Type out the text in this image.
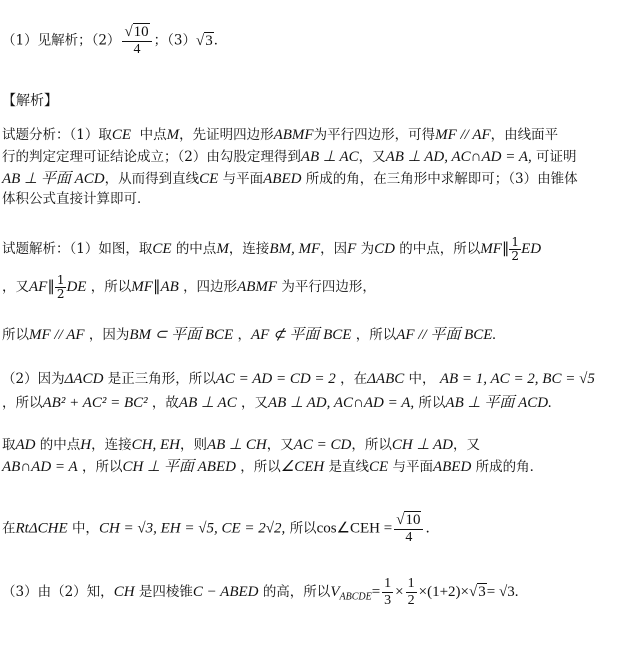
（1）见解析；$(2) \frac{√10}{4}$ ；（3）√3．
【解析】
试题分析：（1）取CE 中点M，先证明四边形ABMF为平行四边形，可得MF // AF，由线面平
行的判定定理可证结论成立；（2）由勾股定理得到AB ⊥ AC，又AB ⊥ AD, AC∩AD = A, 可证明
AB ⊥ 平面 ACD，从而得到直线CE 与平面ABED 所成的角，在三角形中求解即可；（3）由锥体
体积公式直接计算即可．
试题解析：（1）如图，取CE 的中点M，连接BM, MF，因F 为CD 的中点，所以MF∥ $\frac{1}{2}$ ED
，又AF∥ $\frac{1}{2}$ DE ，所以MF∥AB ，四边形ABMF 为平行四边形，
所以MF // AF ，因为BM ⊂ 平面 BCE ，AF ⊄ 平面 BCE ，所以AF // 平面 BCE.
（2）因为ΔACD 是正三角形，所以AC = AD = CD = 2 ，在ΔABC 中， AB = 1, AC = 2, BC = √5
，所以AB² + AC² = BC² ，故AB ⊥ AC ，又AB ⊥ AD, AC∩AD = A, 所以AB ⊥ 平面 ACD.
取AD 的中点H，连接CH, EH，则AB ⊥ CH，又AC = CD，所以CH ⊥ AD，又
AB∩AD = A ，所以CH ⊥ 平面 ABED ，所以∠CEH 是直线CE 与平面ABED 所成的角．
在RtΔCHE 中，CH = √3, EH = √5, CE = 2√2, 所以cos∠CEH = $\frac{√10}{4}$ .
（3）由（2）知，CH 是四棱锥C − ABED 的高，所以$V_{ABCDE}= \frac{1}{3} \times \frac{1}{2} \times(1+2)\times√3= √3$.
